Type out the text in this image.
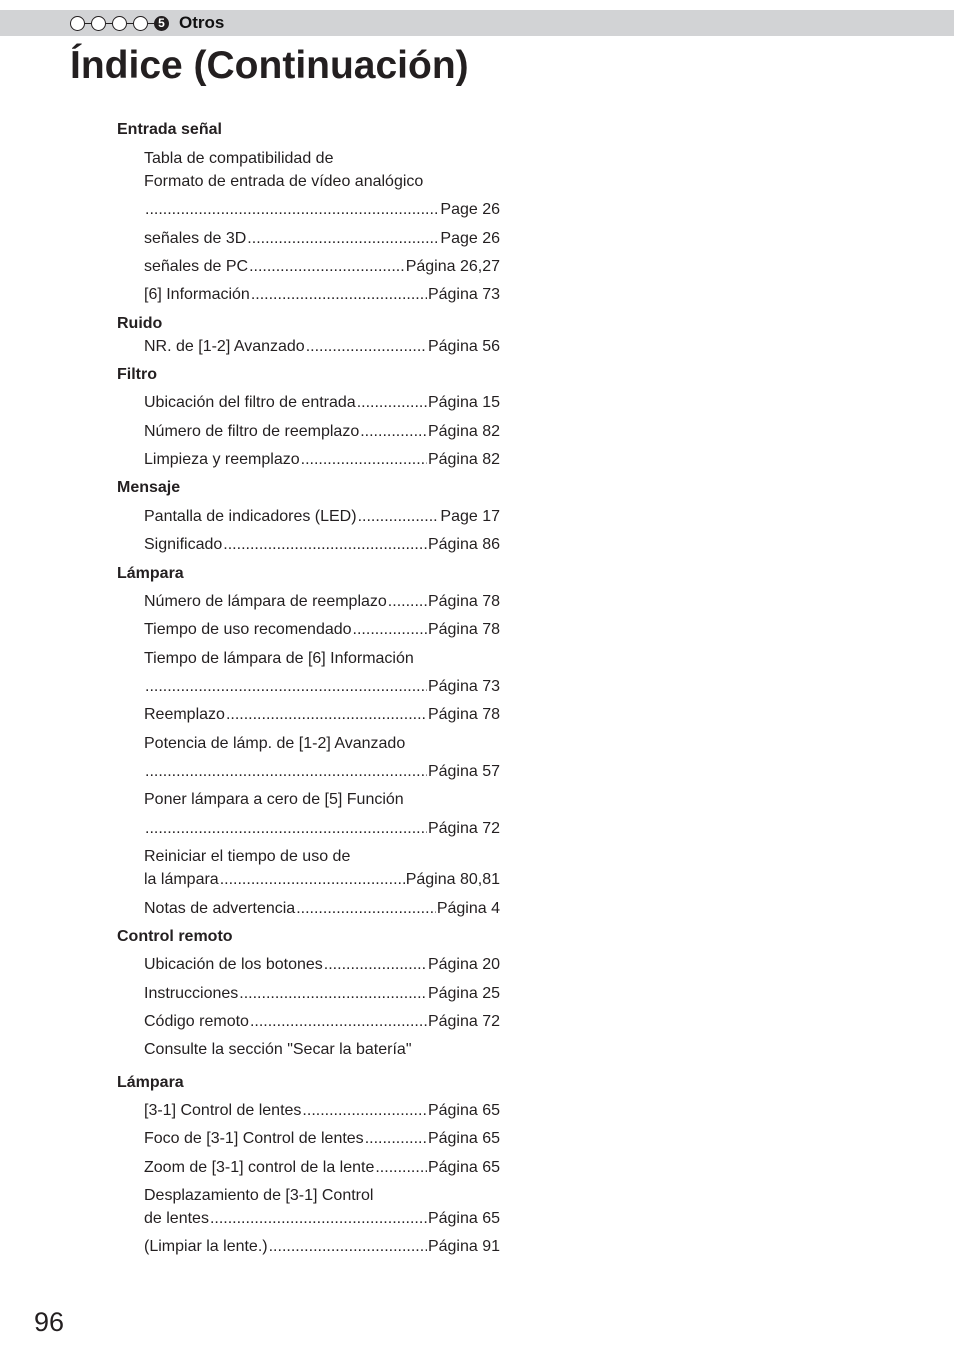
5 Otros
Índice (Continuación)
Entrada señal
Tabla de compatibilidad de
Formato de entrada de vídeo analógico
.....
Page 26
señales de 3D .....	Page 26
señales de PC .....	Página 26,27
[6] Información .....	Página 73
Ruido
NR. de [1-2] Avanzado .....	Página 56
Filtro
Ubicación del filtro de entrada .....	Página 15
Número de filtro de reemplazo .....	Página 82
Limpieza y reemplazo .....	Página 82
Mensaje
Pantalla de indicadores (LED) .....	Page 17
Significado .....	Página 86
Lámpara
Número de lámpara de reemplazo .....	Página 78
Tiempo de uso recomendado .....	Página 78
Tiempo de lámpara de [6] Información
.....
Página 73
Reemplazo .....	Página 78
Potencia de lámp. de [1-2] Avanzado
.....
Página 57
Poner lámpara a cero de [5] Función
.....
Página 72
Reiniciar el tiempo de uso de
la lámpara .....	Página 80,81
Notas de advertencia .....	Página 4
Control remoto
Ubicación de los botones .....	Página 20
Instrucciones .....	Página 25
Código remoto .....	Página 72
Consulte la sección "Secar la batería"
Lámpara
[3-1] Control de lentes .....	Página 65
Foco de [3-1] Control de lentes .....	Página 65
Zoom de [3-1] control de la lente .....	Página 65
Desplazamiento de [3-1] Control
de lentes .....	Página 65
(Limpiar la lente.) .....	Página 91
96
